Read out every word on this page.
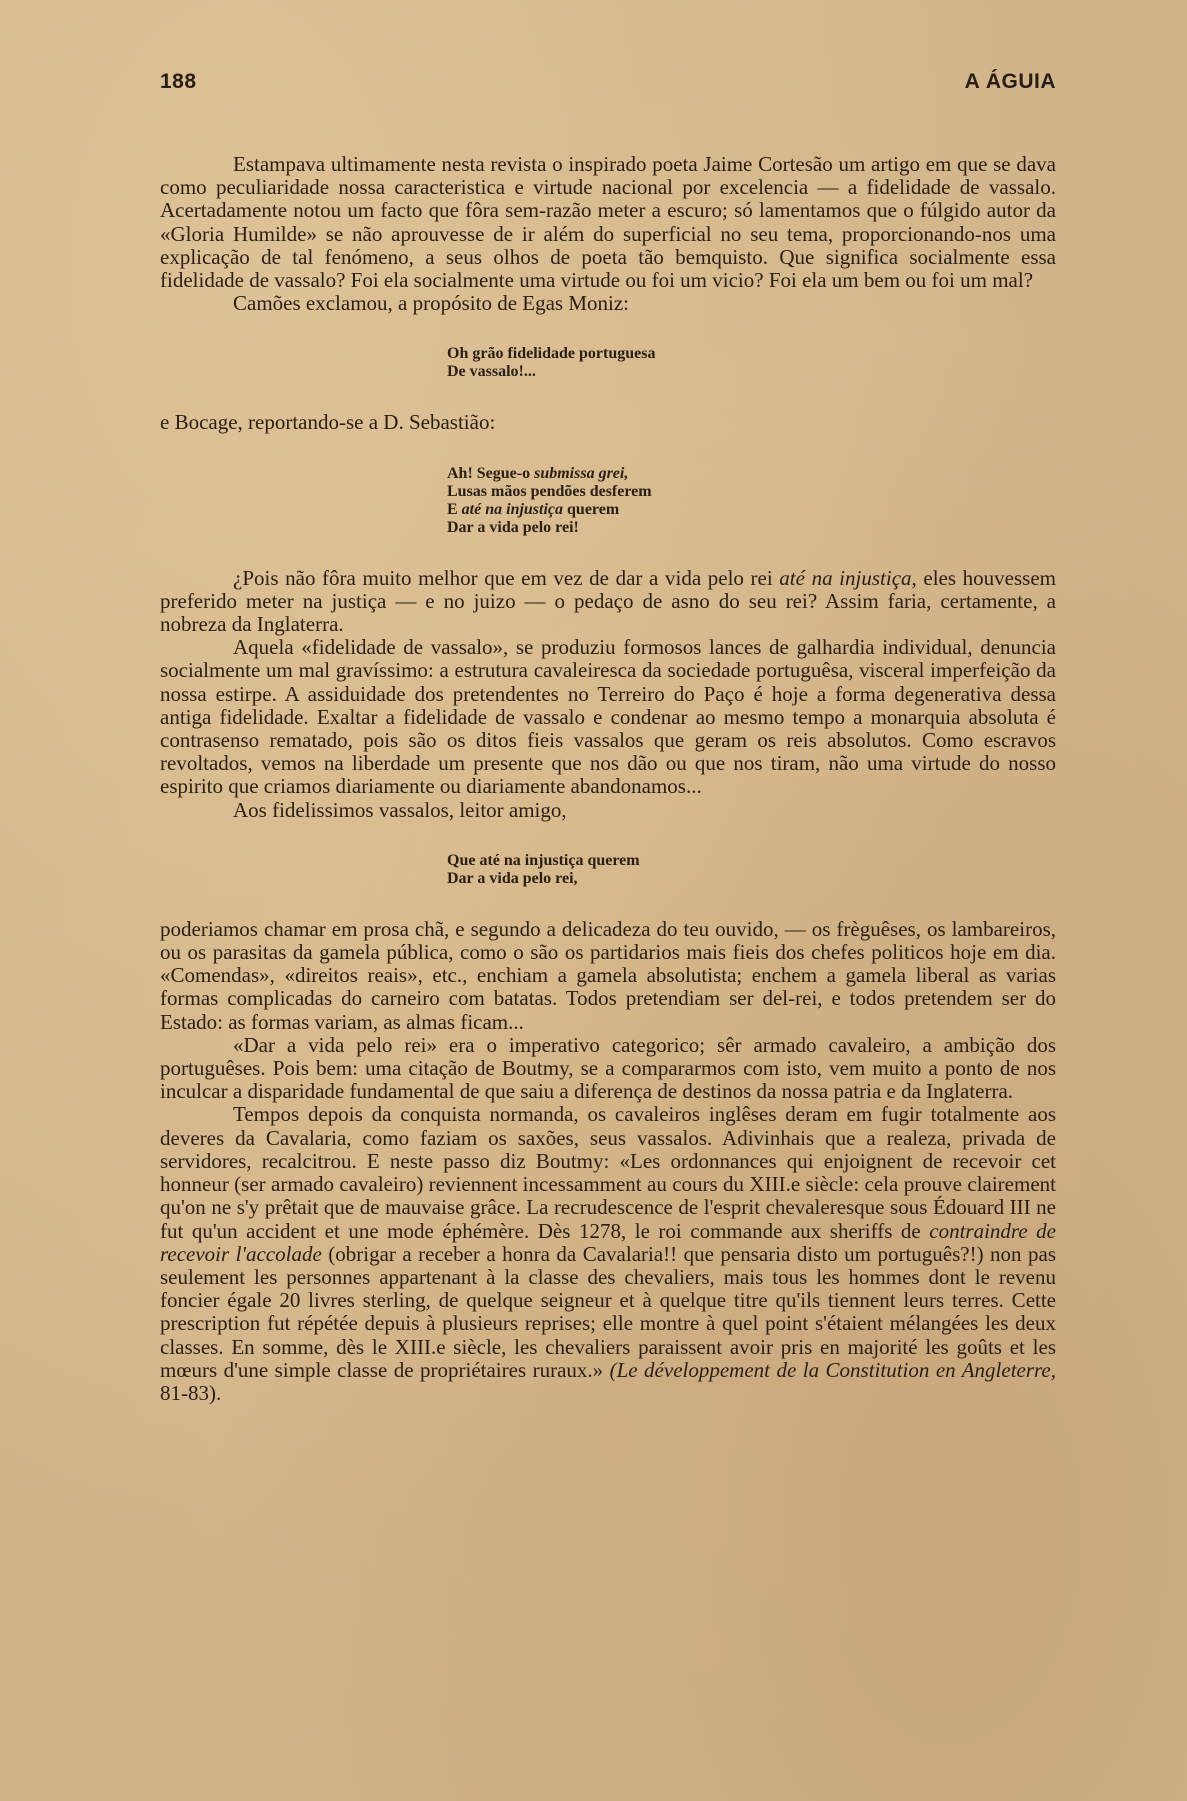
188	A ÁGUIA

Estampava ultimamente nesta revista o inspirado poeta Jaime Cortesão um artigo em que se dava como peculiaridade nossa caracteristica e virtude nacional por excelencia — a fidelidade de vassalo. Acertadamente notou um facto que fôra sem-razão meter a escuro; só lamentamos que o fúlgido autor da «Gloria Humilde» se não aprouvesse de ir além do superficial no seu tema, proporcionando-nos uma explicação de tal fenómeno, a seus olhos de poeta tão bemquisto. Que significa socialmente essa fidelidade de vassalo? Foi ela socialmente uma virtude ou foi um vicio? Foi ela um bem ou foi um mal?

Camões exclamou, a propósito de Egas Moniz:

Oh grão fidelidade portuguesa
De vassalo!...

e Bocage, reportando-se a D. Sebastião:

Ah! Segue-o submissa grei,
Lusas mãos pendões desferem
E até na injustiça querem
Dar a vida pelo rei!

¿Pois não fôra muito melhor que em vez de dar a vida pelo rei até na injustiça, eles houvessem preferido meter na justiça — e no juizo — o pedaço de asno do seu rei? Assim faria, certamente, a nobreza da Inglaterra.

Aquela «fidelidade de vassalo», se produziu formosos lances de galhardia individual, denuncia socialmente um mal gravíssimo: a estrutura cavaleiresca da sociedade portuguêsa, visceral imperfeição da nossa estirpe. A assiduidade dos pretendentes no Terreiro do Paço é hoje a forma degenerativa dessa antiga fidelidade. Exaltar a fidelidade de vassalo e condenar ao mesmo tempo a monarquia absoluta é contrasenso rematado, pois são os ditos fieis vassalos que geram os reis absolutos. Como escravos revoltados, vemos na liberdade um presente que nos dão ou que nos tiram, não uma virtude do nosso espirito que criamos diariamente ou diariamente abandonamos...

Aos fidelissimos vassalos, leitor amigo,

Que até na injustiça querem
Dar a vida pelo rei,

poderiamos chamar em prosa chã, e segundo a delicadeza do teu ouvido, — os frèguêses, os lambareiros, ou os parasitas da gamela pública, como o são os partidarios mais fieis dos chefes politicos hoje em dia. «Comendas», «direitos reais», etc., enchiam a gamela absolutista; enchem a gamela liberal as varias formas complicadas do carneiro com batatas. Todos pretendiam ser del-rei, e todos pretendem ser do Estado: as formas variam, as almas ficam...

«Dar a vida pelo rei» era o imperativo categorico; sêr armado cavaleiro, a ambição dos portuguêses. Pois bem: uma citação de Boutmy, se a compararmos com isto, vem muito a ponto de nos inculcar a disparidade fundamental de que saiu a diferença de destinos da nossa patria e da Inglaterra.

Tempos depois da conquista normanda, os cavaleiros inglêses deram em fugir totalmente aos deveres da Cavalaria, como faziam os saxões, seus vassalos. Adivinhais que a realeza, privada de servidores, recalcitrou. E neste passo diz Boutmy: «Les ordonnances qui enjoignent de recevoir cet honneur (ser armado cavaleiro) reviennent incessamment au cours du XIII.e siècle: cela prouve clairement qu'on ne s'y prêtait que de mauvaise grâce. La recrudescence de l'esprit chevaleresque sous Édouard III ne fut qu'un accident et une mode éphémère. Dès 1278, le roi commande aux sheriffs de contraindre de recevoir l'accolade (obrigar a receber a honra da Cavalaria!! que pensaria disto um português?!) non pas seulement les personnes appartenant à la classe des chevaliers, mais tous les hommes dont le revenu foncier égale 20 livres sterling, de quelque seigneur et à quelque titre qu'ils tiennent leurs terres. Cette prescription fut répétée depuis à plusieurs reprises; elle montre à quel point s'étaient mélangées les deux classes. En somme, dès le XIII.e siècle, les chevaliers paraissent avoir pris en majorité les goûts et les mœurs d'une simple classe de propriétaires ruraux.» (Le développement de la Constitution en Angleterre, 81-83).
